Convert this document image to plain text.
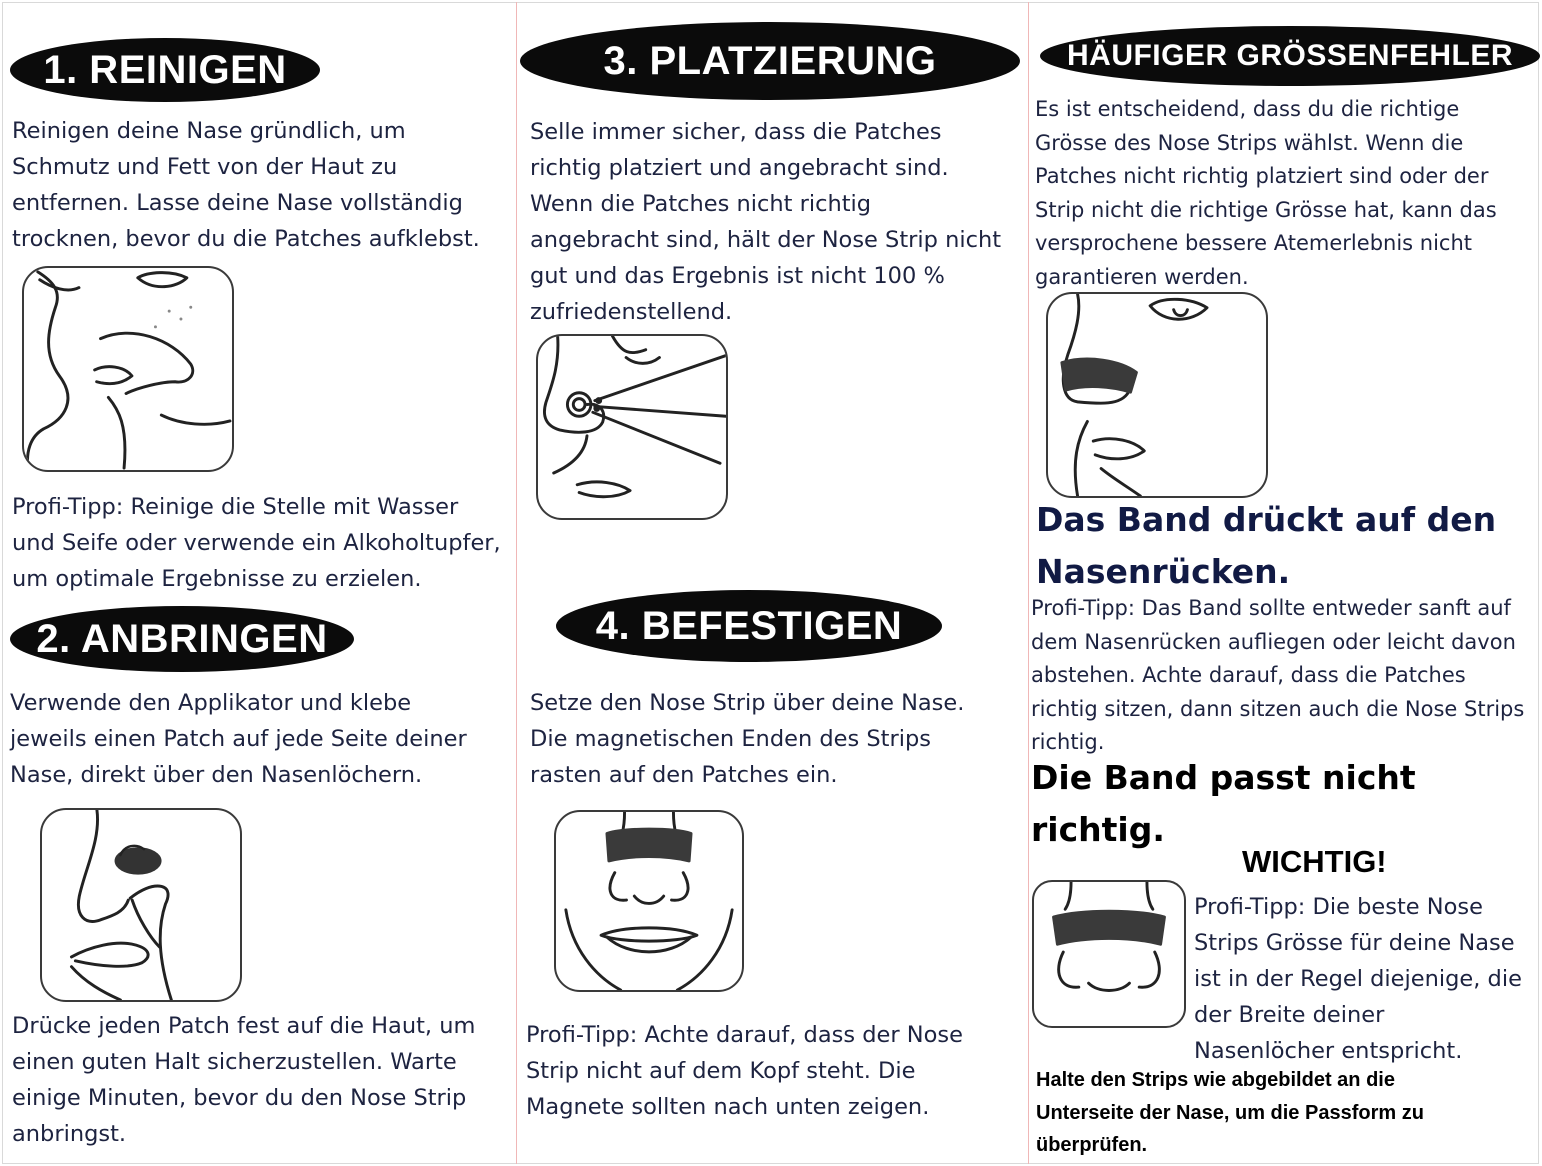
1. REINIGEN
Reinigen deine Nase gründlich, um
Schmutz und Fett von der Haut zu
entfernen. Lasse deine Nase vollständig
trocknen, bevor du die Patches aufklebst.
Profi-Tipp: Reinige die Stelle mit Wasser
und Seife oder verwende ein Alkoholtupfer,
um optimale Ergebnisse zu erzielen.
2. ANBRINGEN
Verwende den Applikator und klebe
jeweils einen Patch auf jede Seite deiner
Nase, direkt über den Nasenlöchern.
Drücke jeden Patch fest auf die Haut, um
einen guten Halt sicherzustellen. Warte
einige Minuten, bevor du den Nose Strip
anbringst.
3. PLATZIERUNG
Selle immer sicher, dass die Patches
richtig platziert und angebracht sind.
Wenn die Patches nicht richtig
angebracht sind, hält der Nose Strip nicht
gut und das Ergebnis ist nicht 100 %
zufriedenstellend.
4. BEFESTIGEN
Setze den Nose Strip über deine Nase.
Die magnetischen Enden des Strips
rasten auf den Patches ein.
Profi-Tipp: Achte darauf, dass der Nose
Strip nicht auf dem Kopf steht. Die
Magnete sollten nach unten zeigen.
HÄUFIGER GRÖSSENFEHLER
Es ist entscheidend, dass du die richtige
Grösse des Nose Strips wählst. Wenn die
Patches nicht richtig platziert sind oder der
Strip nicht die richtige Grösse hat, kann das
versprochene bessere Atemerlebnis nicht
garantieren werden.
Das Band drückt auf den
Nasenrücken.
Profi-Tipp: Das Band sollte entweder sanft auf
dem Nasenrücken aufliegen oder leicht davon
abstehen. Achte darauf, dass die Patches
richtig sitzen, dann sitzen auch die Nose Strips
richtig.
Die Band passt nicht
richtig.
WICHTIG!
Profi-Tipp: Die beste Nose
Strips Grösse für deine Nase
ist in der Regel diejenige, die
der Breite deiner
Nasenlöcher entspricht.
Halte den Strips wie abgebildet an die
Unterseite der Nase, um die Passform zu
überprüfen.
